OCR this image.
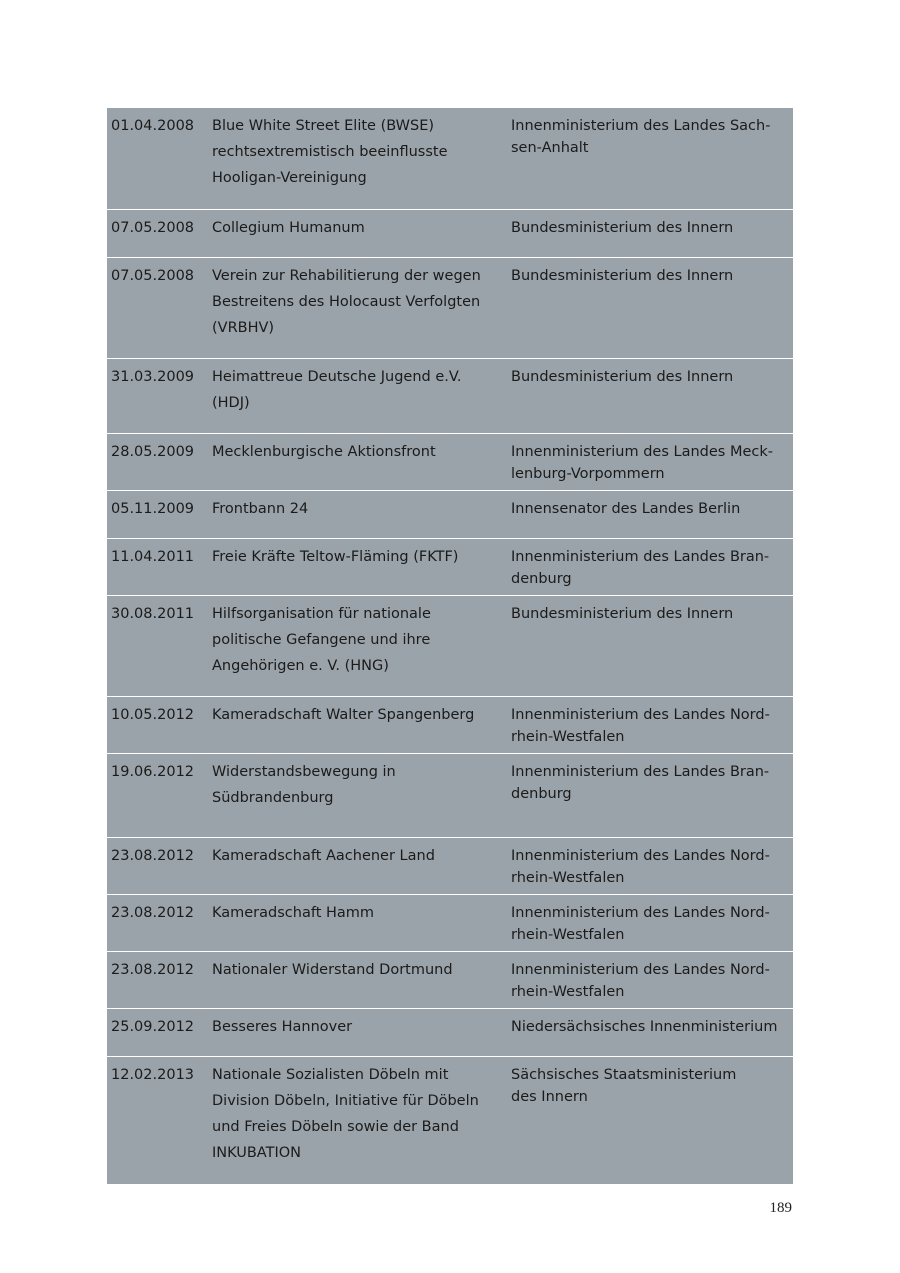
01.04.2008	Blue White Street Elite (BWSE)
rechtsextremistisch beeinflusste
Hooligan-Vereinigung	Innenministerium des Landes Sach-
sen-Anhalt
07.05.2008	Collegium Humanum	Bundesministerium des Innern
07.05.2008	Verein zur Rehabilitierung der wegen
Bestreitens des Holocaust Verfolgten
(VRBHV)	Bundesministerium des Innern
31.03.2009	Heimattreue Deutsche Jugend e.V.
(HDJ)	Bundesministerium des Innern
28.05.2009	Mecklenburgische Aktionsfront	Innenministerium des Landes Meck-
lenburg-Vorpommern
05.11.2009	Frontbann 24	Innensenator des Landes Berlin
11.04.2011	Freie Kräfte Teltow-Fläming (FKTF)	Innenministerium des Landes Bran-
denburg
30.08.2011	Hilfsorganisation für nationale
politische Gefangene und ihre
Angehörigen e. V. (HNG)	Bundesministerium des Innern
10.05.2012	Kameradschaft Walter Spangenberg	Innenministerium des Landes Nord-
rhein-Westfalen
19.06.2012	Widerstandsbewegung in
Südbrandenburg	Innenministerium des Landes Bran-
denburg
23.08.2012	Kameradschaft Aachener Land	Innenministerium des Landes Nord-
rhein-Westfalen
23.08.2012	Kameradschaft Hamm	Innenministerium des Landes Nord-
rhein-Westfalen
23.08.2012	Nationaler Widerstand Dortmund	Innenministerium des Landes Nord-
rhein-Westfalen
25.09.2012	Besseres Hannover	Niedersächsisches Innenministerium
12.02.2013	Nationale Sozialisten Döbeln mit
Division Döbeln, Initiative für Döbeln
und Freies Döbeln sowie der Band
INKUBATION	Sächsisches Staatsministerium
des Innern
189
